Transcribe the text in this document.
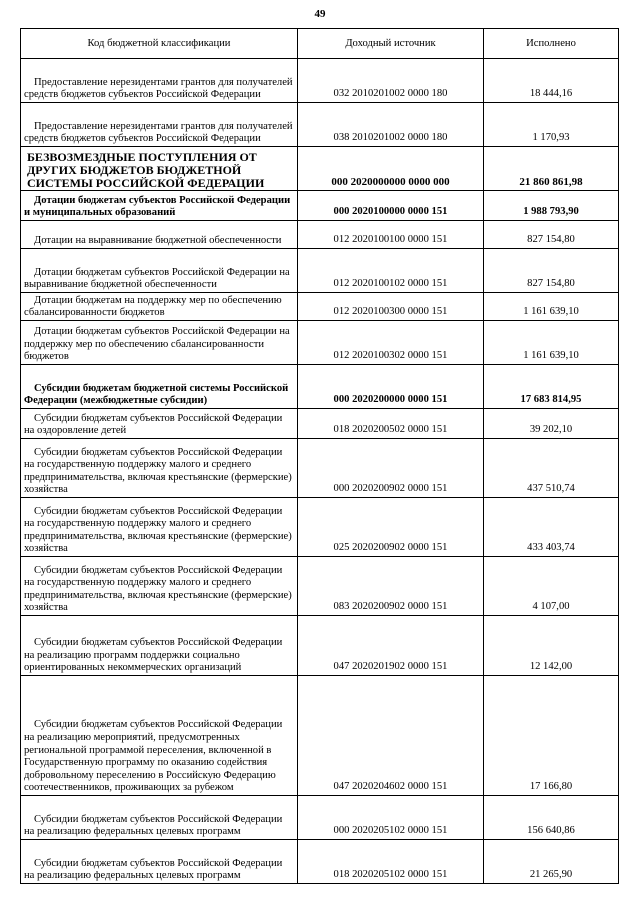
49
Код бюджетной классификации	Доходный источник	Исполнено
Предоставление нерезидентами грантов для получателей средств бюджетов субъектов Российской Федерации	032 2010201002 0000 180	18 444,16
Предоставление нерезидентами грантов для получателей средств бюджетов субъектов Российской Федерации	038 2010201002 0000 180	1 170,93
БЕЗВОЗМЕЗДНЫЕ ПОСТУПЛЕНИЯ ОТ ДРУГИХ БЮДЖЕТОВ БЮДЖЕТНОЙ СИСТЕМЫ РОССИЙСКОЙ ФЕДЕРАЦИИ	000 2020000000 0000 000	21 860 861,98
Дотации бюджетам субъектов Российской Федерации и муниципальных образований	000 2020100000 0000 151	1 988 793,90
Дотации на выравнивание бюджетной обеспеченности	012 2020100100 0000 151	827 154,80
Дотации бюджетам субъектов Российской Федерации на выравнивание бюджетной обеспеченности	012 2020100102 0000 151	827 154,80
Дотации бюджетам на поддержку мер по обеспечению сбалансированности бюджетов	012 2020100300 0000 151	1 161 639,10
Дотации бюджетам субъектов Российской Федерации на поддержку мер по обеспечению сбалансированности бюджетов	012 2020100302 0000 151	1 161 639,10
Субсидии бюджетам бюджетной системы Российской Федерации (межбюджетные субсидии)	000 2020200000 0000 151	17 683 814,95
Субсидии бюджетам субъектов Российской Федерации на оздоровление детей	018 2020200502 0000 151	39 202,10
Субсидии бюджетам субъектов Российской Федерации на государственную поддержку малого и среднего предпринимательства, включая крестьянские (фермерские) хозяйства	000 2020200902 0000 151	437 510,74
Субсидии бюджетам субъектов Российской Федерации на государственную поддержку малого и среднего предпринимательства, включая крестьянские (фермерские) хозяйства	025 2020200902 0000 151	433 403,74
Субсидии бюджетам субъектов Российской Федерации на государственную поддержку малого и среднего предпринимательства, включая крестьянские (фермерские) хозяйства	083 2020200902 0000 151	4 107,00
Субсидии бюджетам субъектов Российской Федерации на реализацию программ поддержки социально ориентированных некоммерческих организаций	047 2020201902 0000 151	12 142,00
Субсидии бюджетам субъектов Российской Федерации на реализацию мероприятий, предусмотренных региональной программой переселения, включенной в Государственную программу по оказанию содействия добровольному переселению в Российскую Федерацию соотечественников, проживающих за рубежом	047 2020204602 0000 151	17 166,80
Субсидии бюджетам субъектов Российской Федерации на реализацию федеральных целевых программ	000 2020205102 0000 151	156 640,86
Субсидии бюджетам субъектов Российской Федерации на реализацию федеральных целевых программ	018 2020205102 0000 151	21 265,90
